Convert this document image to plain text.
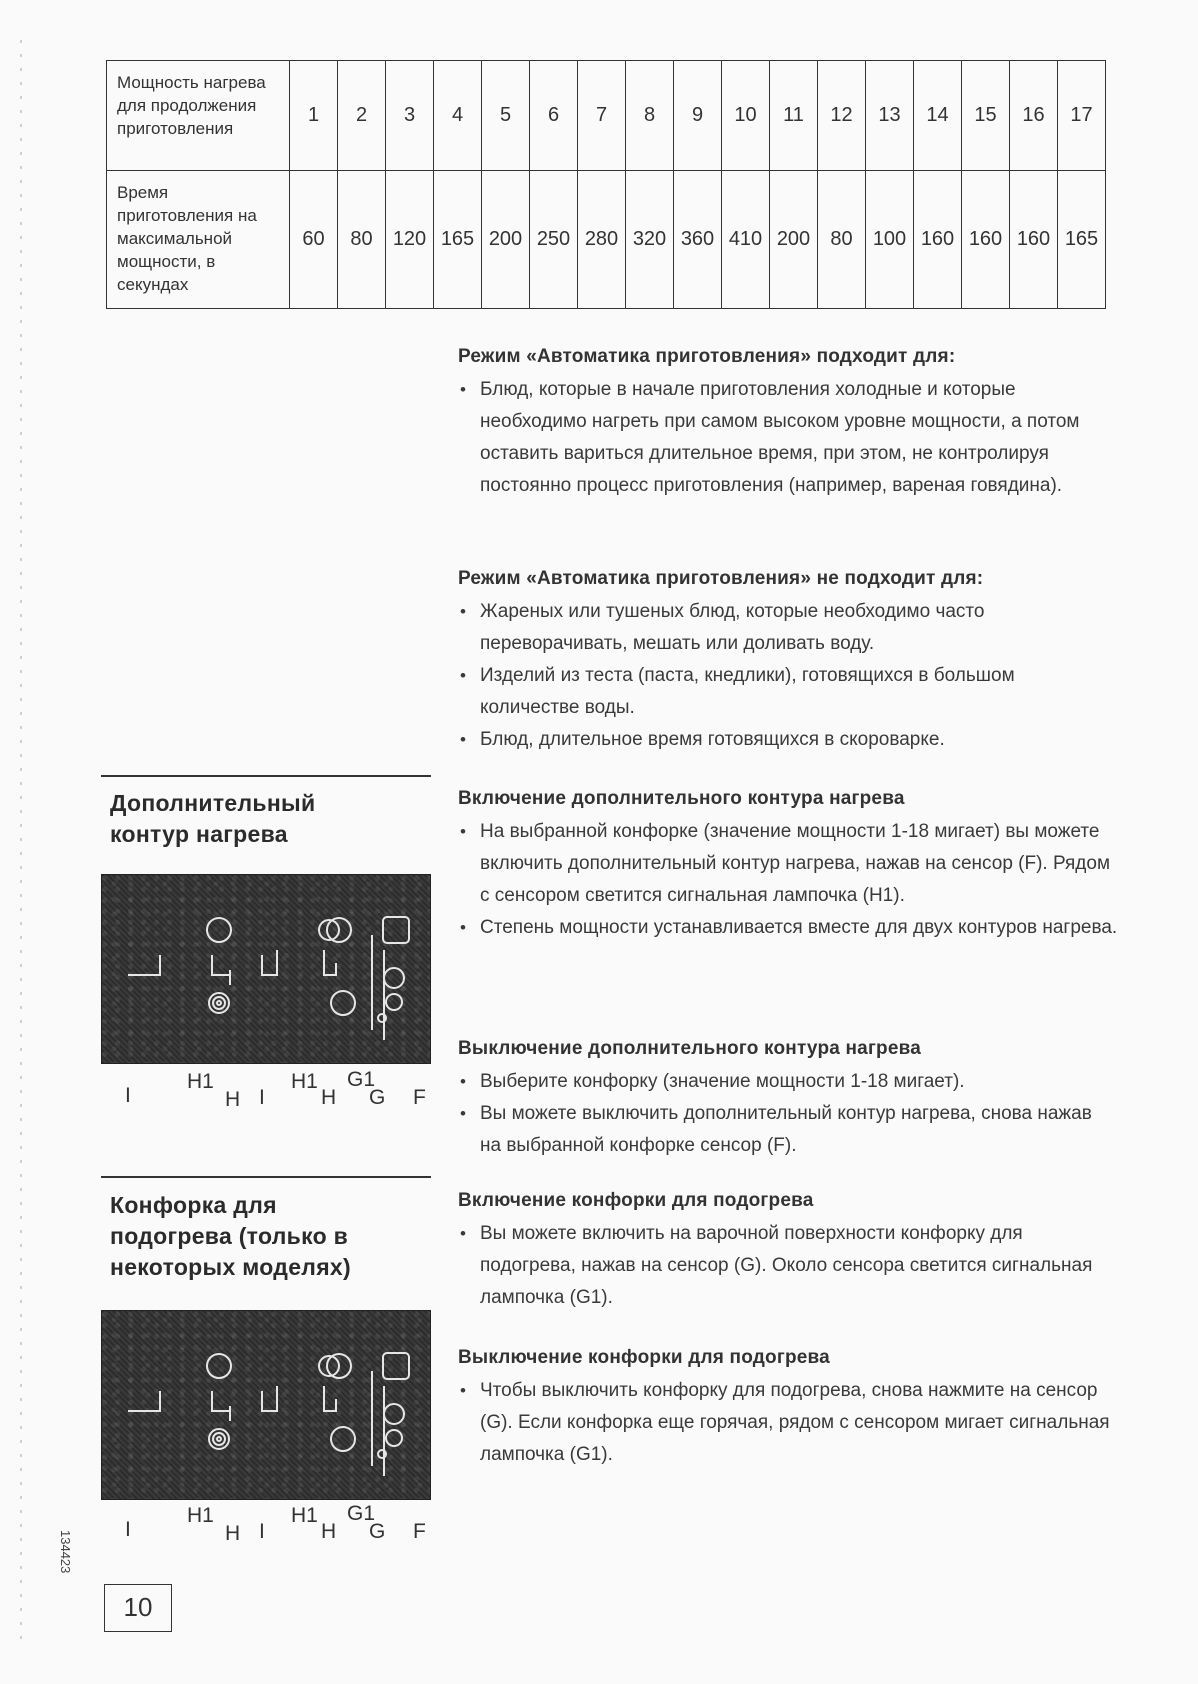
Мощность нагрева для продолжения приготовления	1	2	3	4	5	6	7	8	9	10	11	12	13	14	15	16	17
Время приготовления на максимальной мощности, в секундах	60	80	120	165	200	250	280	320	360	410	200	80	100	160	160	160	165
Режим «Автоматика приготовления» подходит для:
• Блюд, которые в начале приготовления холодные и которые необходимо нагреть при самом высоком уровне мощности, а потом оставить вариться длительное время, при этом, не контролируя постоянно процесс приготовления (например, вареная говядина).
Режим «Автоматика приготовления» не подходит для:
• Жареных или тушеных блюд, которые необходимо часто переворачивать, мешать или доливать воду.
• Изделий из теста (паста, кнедлики), готовящихся в большом количестве воды.
• Блюд, длительное время готовящихся в скороварке.
Дополнительный
контур нагрева
I
H1
H I
H1
H
G1
G F
Включение дополнительного контура нагрева
• На выбранной конфорке (значение мощности 1-18 мигает) вы можете включить дополнительный контур нагрева, нажав на сенсор (F). Рядом с сенсором светится сигнальная лампочка (H1).
• Степень мощности устанавливается вместе для двух контуров нагрева.
Выключение дополнительного контура нагрева
• Выберите конфорку (значение мощности 1-18 мигает).
• Вы можете выключить дополнительный контур нагрева, снова нажав на выбранной конфорке сенсор (F).
Конфорка для
подогрева (только в
некоторых моделях)
I
H1
H I
H1
H
G1
G F
Включение конфорки для подогрева
• Вы можете включить на варочной поверхности конфорку для подогрева, нажав на сенсор (G). Около сенсора светится сигнальная лампочка (G1).
Выключение конфорки для подогрева
• Чтобы выключить конфорку для подогрева, снова нажмите на сенсор (G). Если конфорка еще горячая, рядом с сенсором мигает сигнальная лампочка (G1).
134423
10
